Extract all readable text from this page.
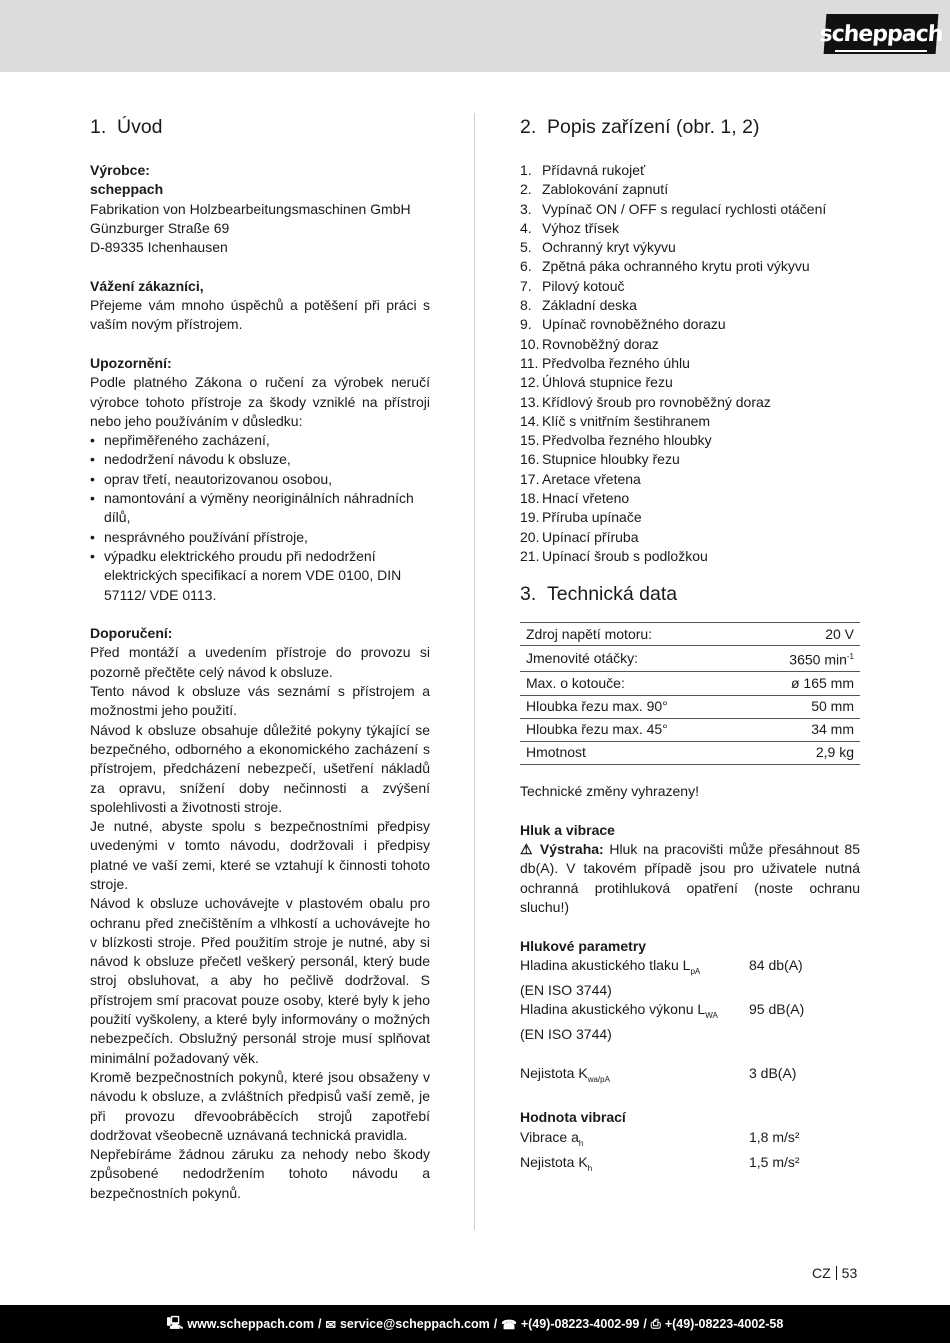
scheppach
1. Úvod
Výrobce:
scheppach
Fabrikation von Holzbearbeitungsmaschinen GmbH
Günzburger Straße 69
D-89335 Ichenhausen
Vážení zákazníci,
Přejeme vám mnoho úspěchů a potěšení při práci s vaším novým přístrojem.
Upozornění:
Podle platného Zákona o ručení za výrobek neručí výrobce tohoto přístroje za škody vzniklé na přístroji nebo jeho používáním v důsledku:
• nepřiměřeného zacházení,
• nedodržení návodu k obsluze,
• oprav třetí, neautorizovanou osobou,
• namontování a výměny neoriginálních náhradních dílů,
• nesprávného používání přístroje,
• výpadku elektrického proudu při nedodržení elektrických specifikací a norem VDE 0100, DIN 57112/ VDE 0113.
Doporučení:
Před montáží a uvedením přístroje do provozu si pozorně přečtěte celý návod k obsluze.
Tento návod k obsluze vás seznámí s přístrojem a možnostmi jeho použití.
Návod k obsluze obsahuje důležité pokyny týkající se bezpečného, odborného a ekonomického zacházení s přístrojem, předcházení nebezpečí, ušetření nákladů za opravu, snížení doby nečinnosti a zvýšení spolehlivosti a životnosti stroje.
Je nutné, abyste spolu s bezpečnostními předpisy uvedenými v tomto návodu, dodržovali i předpisy platné ve vaší zemi, které se vztahují k činnosti tohoto stroje.
Návod k obsluze uchovávejte v plastovém obalu pro ochranu před znečištěním a vlhkostí a uchovávejte ho v blízkosti stroje. Před použitím stroje je nutné, aby si návod k obsluze přečetl veškerý personál, který bude stroj obsluhovat, a aby ho pečlivě dodržoval. S přístrojem smí pracovat pouze osoby, které byly k jeho použití vyškoleny, a které byly informovány o možných nebezpečích. Obslužný personál stroje musí splňovat minimální požadovaný věk.
Kromě bezpečnostních pokynů, které jsou obsaženy v návodu k obsluze, a zvláštních předpisů vaší země, je při provozu dřevoobráběcích strojů zapotřebí dodržovat všeobecně uznávaná technická pravidla.
Nepřebíráme žádnou záruku za nehody nebo škody způsobené nedodržením tohoto návodu a bezpečnostních pokynů.
2. Popis zařízení (obr. 1, 2)
1. Přídavná rukojeť
2. Zablokování zapnutí
3. Vypínač ON / OFF s regulací rychlosti otáčení
4. Výhoz třísek
5. Ochranný kryt výkyvu
6. Zpětná páka ochranného krytu proti výkyvu
7. Pilový kotouč
8. Základní deska
9. Upínač rovnoběžného dorazu
10. Rovnoběžný doraz
11. Předvolba řezného úhlu
12. Úhlová stupnice řezu
13. Křídlový šroub pro rovnoběžný doraz
14. Klíč s vnitřním šestihranem
15. Předvolba řezného hloubky
16. Stupnice hloubky řezu
17. Aretace vřetena
18. Hnací vřeteno
19. Příruba upínače
20. Upínací příruba
21. Upínací šroub s podložkou
3. Technická data
Zdroj napětí motoru:	20 V
Jmenovité otáčky:	3650 $\min^{-1}$
Max. o kotouče:	ø 165 mm
Hloubka řezu max. 90°	50 mm
Hloubka řezu max. 45°	34 mm
Hmotnost	2,9 kg
Technické změny vyhrazeny!
Hluk a vibrace
⚠ Výstraha: Hluk na pracovišti může přesáhnout 85 db(A). V takovém případě jsou pro uživatele nutná ochranná protihluková opatření (noste ochranu sluchu!)
Hlukové parametry
Hladina akustického tlaku $L_{pA}$	84 db(A)
(EN ISO 3744)
Hladina akustického výkonu $L_{WA}$	95 dB(A)
(EN ISO 3744)
Nejistota $K_{wa/pA}$	3 dB(A)
Hodnota vibrací
Vibrace $a_h$	1,8 m/s²
Nejistota $K_h$	1,5 m/s²
CZ 53
🖳 www.scheppach.com / ✉ service@scheppach.com / ☎ +(49)-08223-4002-99 / ⎙ +(49)-08223-4002-58
